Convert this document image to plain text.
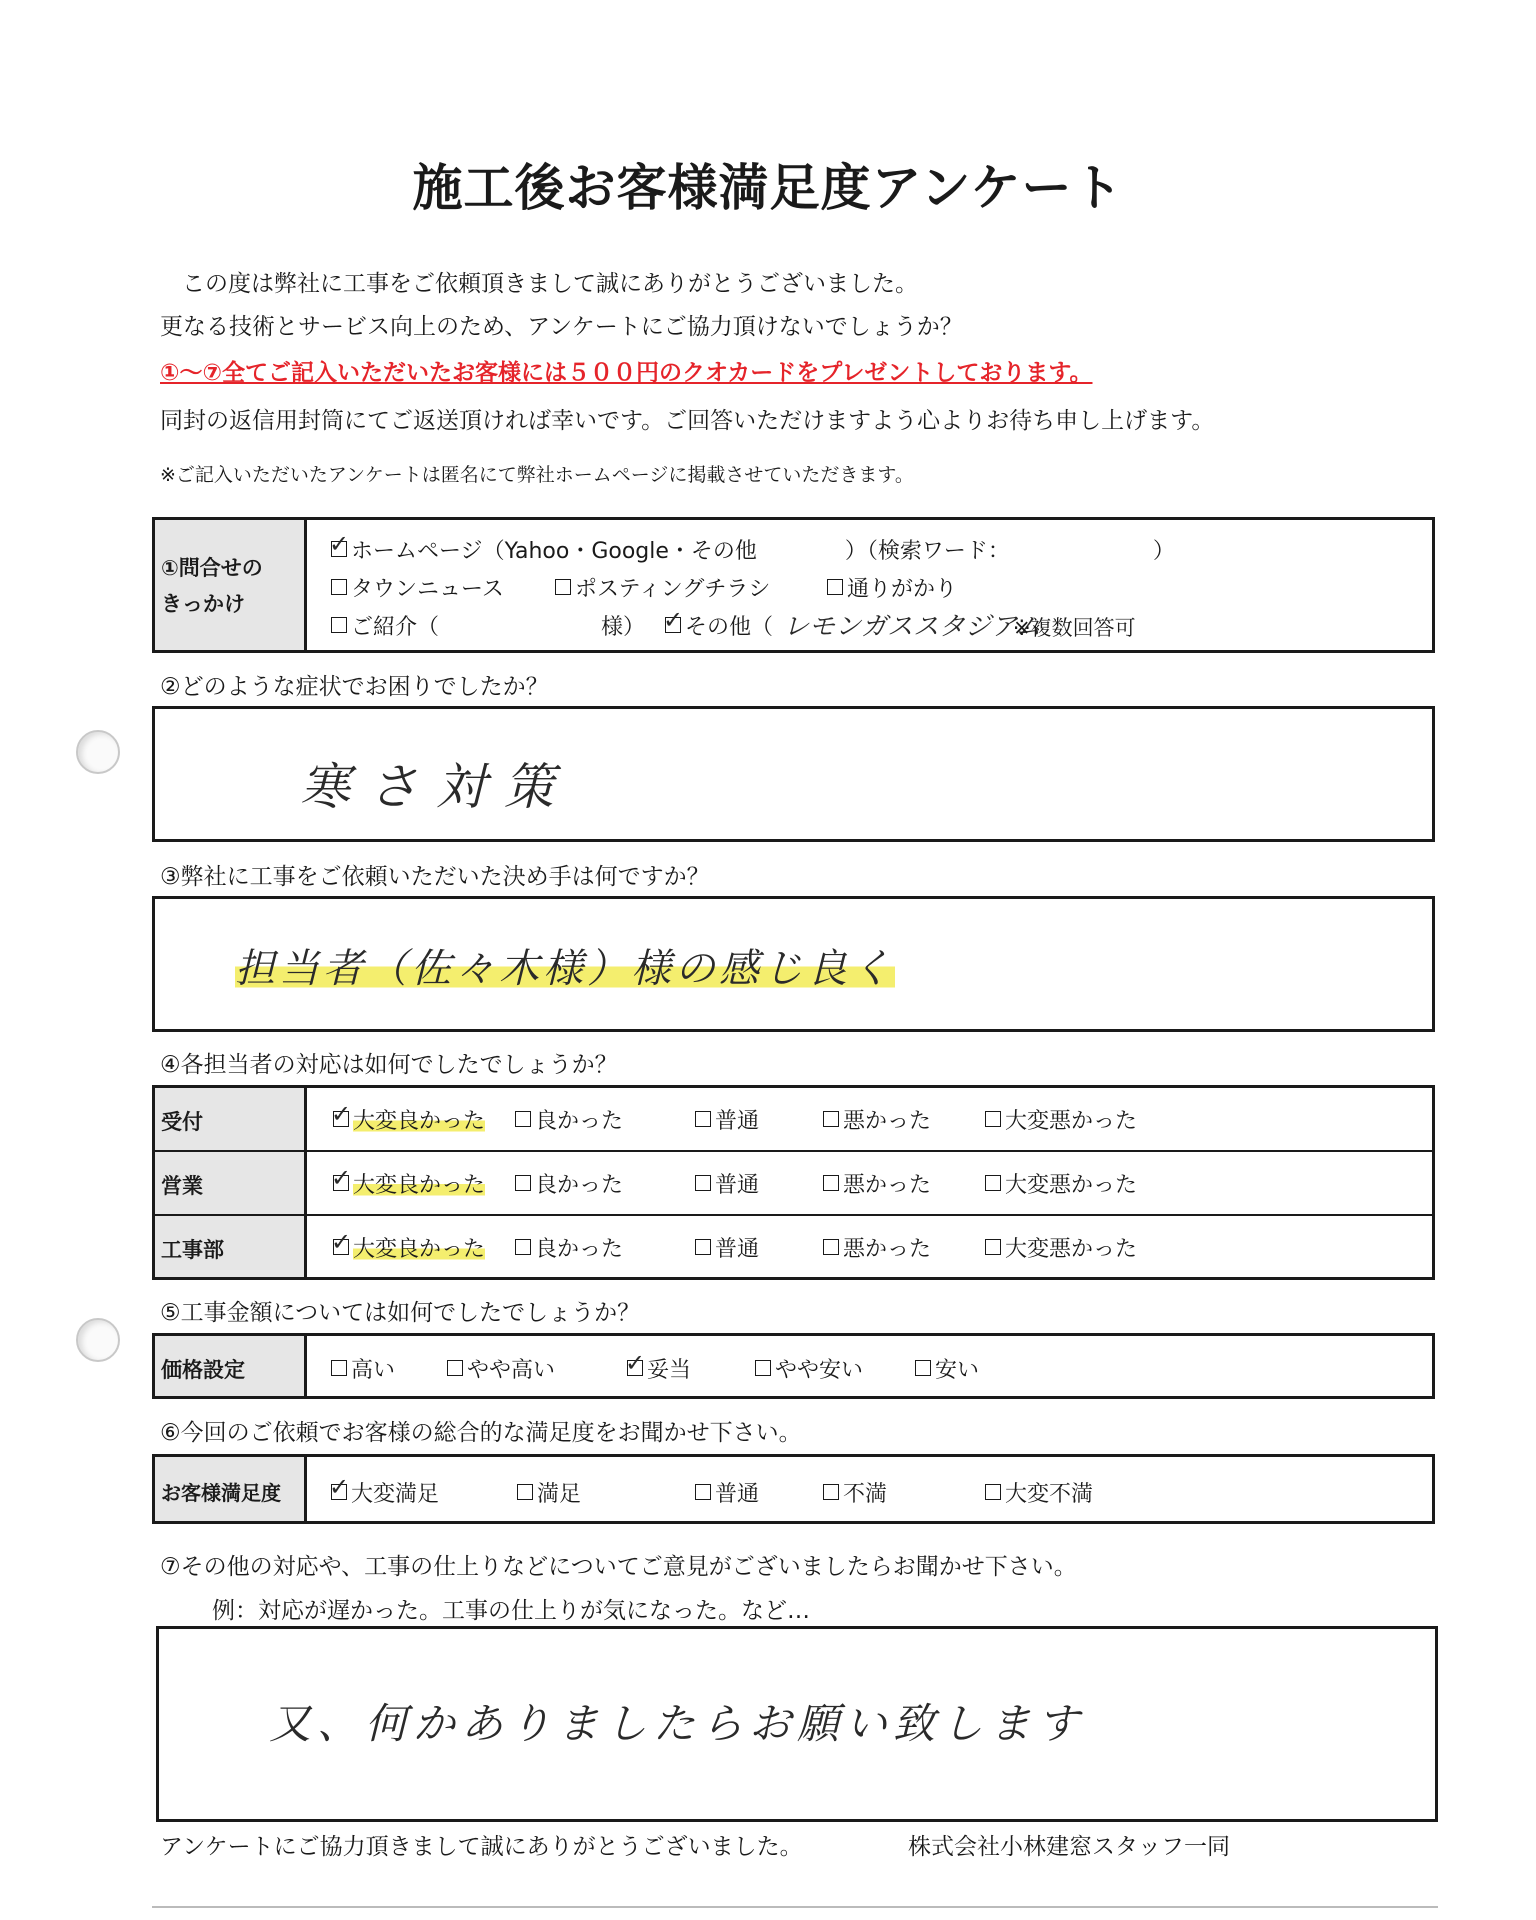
施工後お客様満足度アンケート
この度は弊社に工事をご依頼頂きまして誠にありがとうございました。
更なる技術とサービス向上のため、アンケートにご協力頂けないでしょうか？
①～⑦全てご記入いただいたお客様には５００円のクオカードをプレゼントしております。
同封の返信用封筒にてご返送頂ければ幸いです。ご回答いただけますよう心よりお待ち申し上げます。
※ご記入いただいたアンケートは匿名にて弊社ホームページに掲載させていただきます。
①問合せの
きっかけ
✓ ホームページ（Yahoo・Google・その他　　　　）（検索ワード：　　　　　　　）
タウンニュース	ポスティングチラシ	通りがかり
ご紹介（	様） ✓ その他（ レモンガススタジアム
※複数回答可
②どのような症状でお困りでしたか？
寒さ対策
③弊社に工事をご依頼いただいた決め手は何ですか？
担当者（佐々木様）様の感じ良く
④各担当者の対応は如何でしたでしょうか？
受付	✓ 大変良かった	良かった	普通	悪かった	大変悪かった
営業	✓ 大変良かった	良かった	普通	悪かった	大変悪かった
工事部	✓ 大変良かった	良かった	普通	悪かった	大変悪かった
⑤工事金額については如何でしたでしょうか？
価格設定	高い	やや高い	✓ 妥当	やや安い	安い
⑥今回のご依頼でお客様の総合的な満足度をお聞かせ下さい。
お客様満足度	✓ 大変満足	満足	普通	不満	大変不満
⑦その他の対応や、工事の仕上りなどについてご意見がございましたらお聞かせ下さい。
例：対応が遅かった。工事の仕上りが気になった。など…
又、何かありましたらお願い致します
アンケートにご協力頂きまして誠にありがとうございました。	株式会社小林建窓スタッフ一同
